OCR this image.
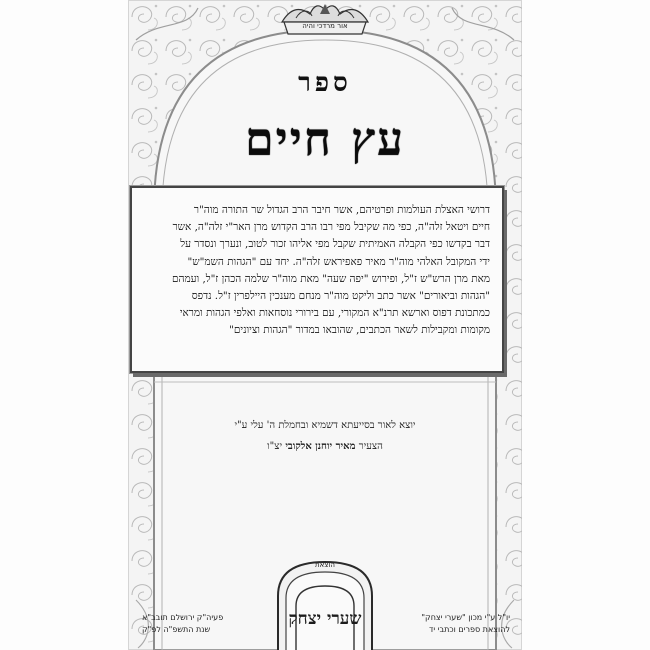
אור מרדכי והיה
ספר
עץ חיים
דרושי האצלת העולמות ופרטיהם, אשר חיבר הרב הגדול שר התורה מוה"ר
חיים ויטאל זלה"ה, כפי מה שקיבל מפי רבו הרב הקדוש מרן האר"י זלה"ה, אשר
דבר בקדשו כפי הקבלה האמיתית שקבל מפי אליהו זכור לטוב, ונערך ונסדר על
ידי המקובל האלהי מוה"ר מאיר פאפיראש זלה"ה. יחד עם "הגהות השמ"ש"
מאת מרן הרש"ש ז"ל, ופירוש "יפה שעה" מאת מוה"ר שלמה הכהן ז"ל, ועמהם
"הגהות וביאורים" אשר כתב וליקט מוה"ר מנחם מענכין היילפרין ז"ל. נדפס
כמתכונת דפוס וארשא תרנ"א המקורי, עם בירורי נוסחאות ואלפי הגהות ומראי
מקומות ומקבילות לשאר הכתבים, שהובאו במדור "הגהות וציונים"
יוצא לאור בסייעתא דשמיא ובחמלת ה' עלי ע"י
הצעיר מאיר יוחנן אלקובי יצ"ו
שערי יצחק
הוצאת
יו"ל ע"י מכון "שערי יצחק"
להוצאת ספרים וכתבי יד
פעיה"ק ירושלם תובב"א
שנת התשפ"ה לפ"ק
